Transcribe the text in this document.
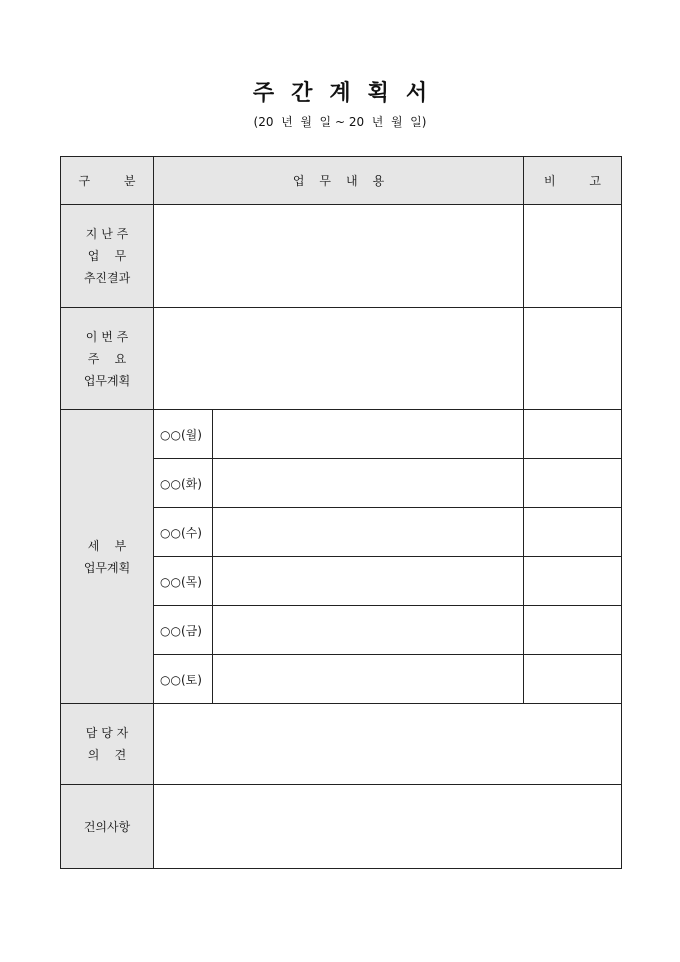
주간계획서
(20  년  월  일 ~ 20  년  월  일)
구 분	업무내용		비 고

지 난 주
업    무
추진결과			

이 번 주
주    요
업무계획			

세    부
업무계획	○○(월)		
	○○(화)		
	○○(수)		
	○○(목)		
	○○(금)		
	○○(토)		

담 당 자
의    견			

건의사항			
